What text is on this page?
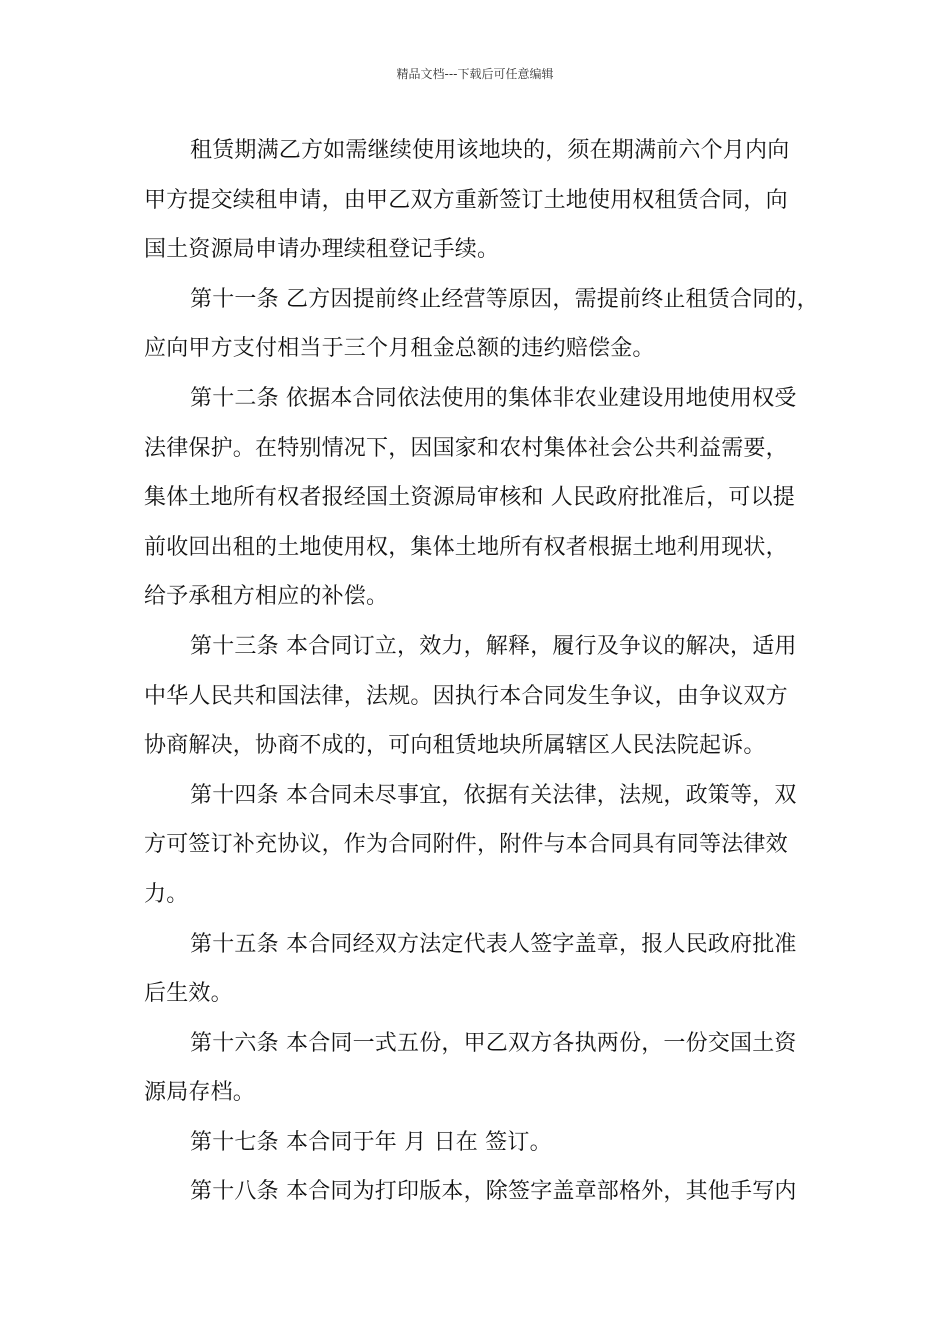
精品文档---下载后可任意编辑
租赁期满乙方如需继续使用该地块的，须在期满前六个月内向
甲方提交续租申请，由甲乙双方重新签订土地使用权租赁合同，向
国土资源局申请办理续租登记手续。
第十一条 乙方因提前终止经营等原因，需提前终止租赁合同的，
应向甲方支付相当于三个月租金总额的违约赔偿金。
第十二条 依据本合同依法使用的集体非农业建设用地使用权受
法律保护。在特别情况下，因国家和农村集体社会公共利益需要，
集体土地所有权者报经国土资源局审核和 人民政府批准后，可以提
前收回出租的土地使用权，集体土地所有权者根据土地利用现状，
给予承租方相应的补偿。
第十三条 本合同订立，效力，解释，履行及争议的解决，适用
中华人民共和国法律，法规。因执行本合同发生争议，由争议双方
协商解决，协商不成的，可向租赁地块所属辖区人民法院起诉。
第十四条 本合同未尽事宜，依据有关法律，法规，政策等，双
方可签订补充协议，作为合同附件，附件与本合同具有同等法律效
力。
第十五条 本合同经双方法定代表人签字盖章，报人民政府批准
后生效。
第十六条 本合同一式五份，甲乙双方各执两份，一份交国土资
源局存档。
第十七条 本合同于年 月 日在 签订。
第十八条 本合同为打印版本，除签字盖章部格外，其他手写内
